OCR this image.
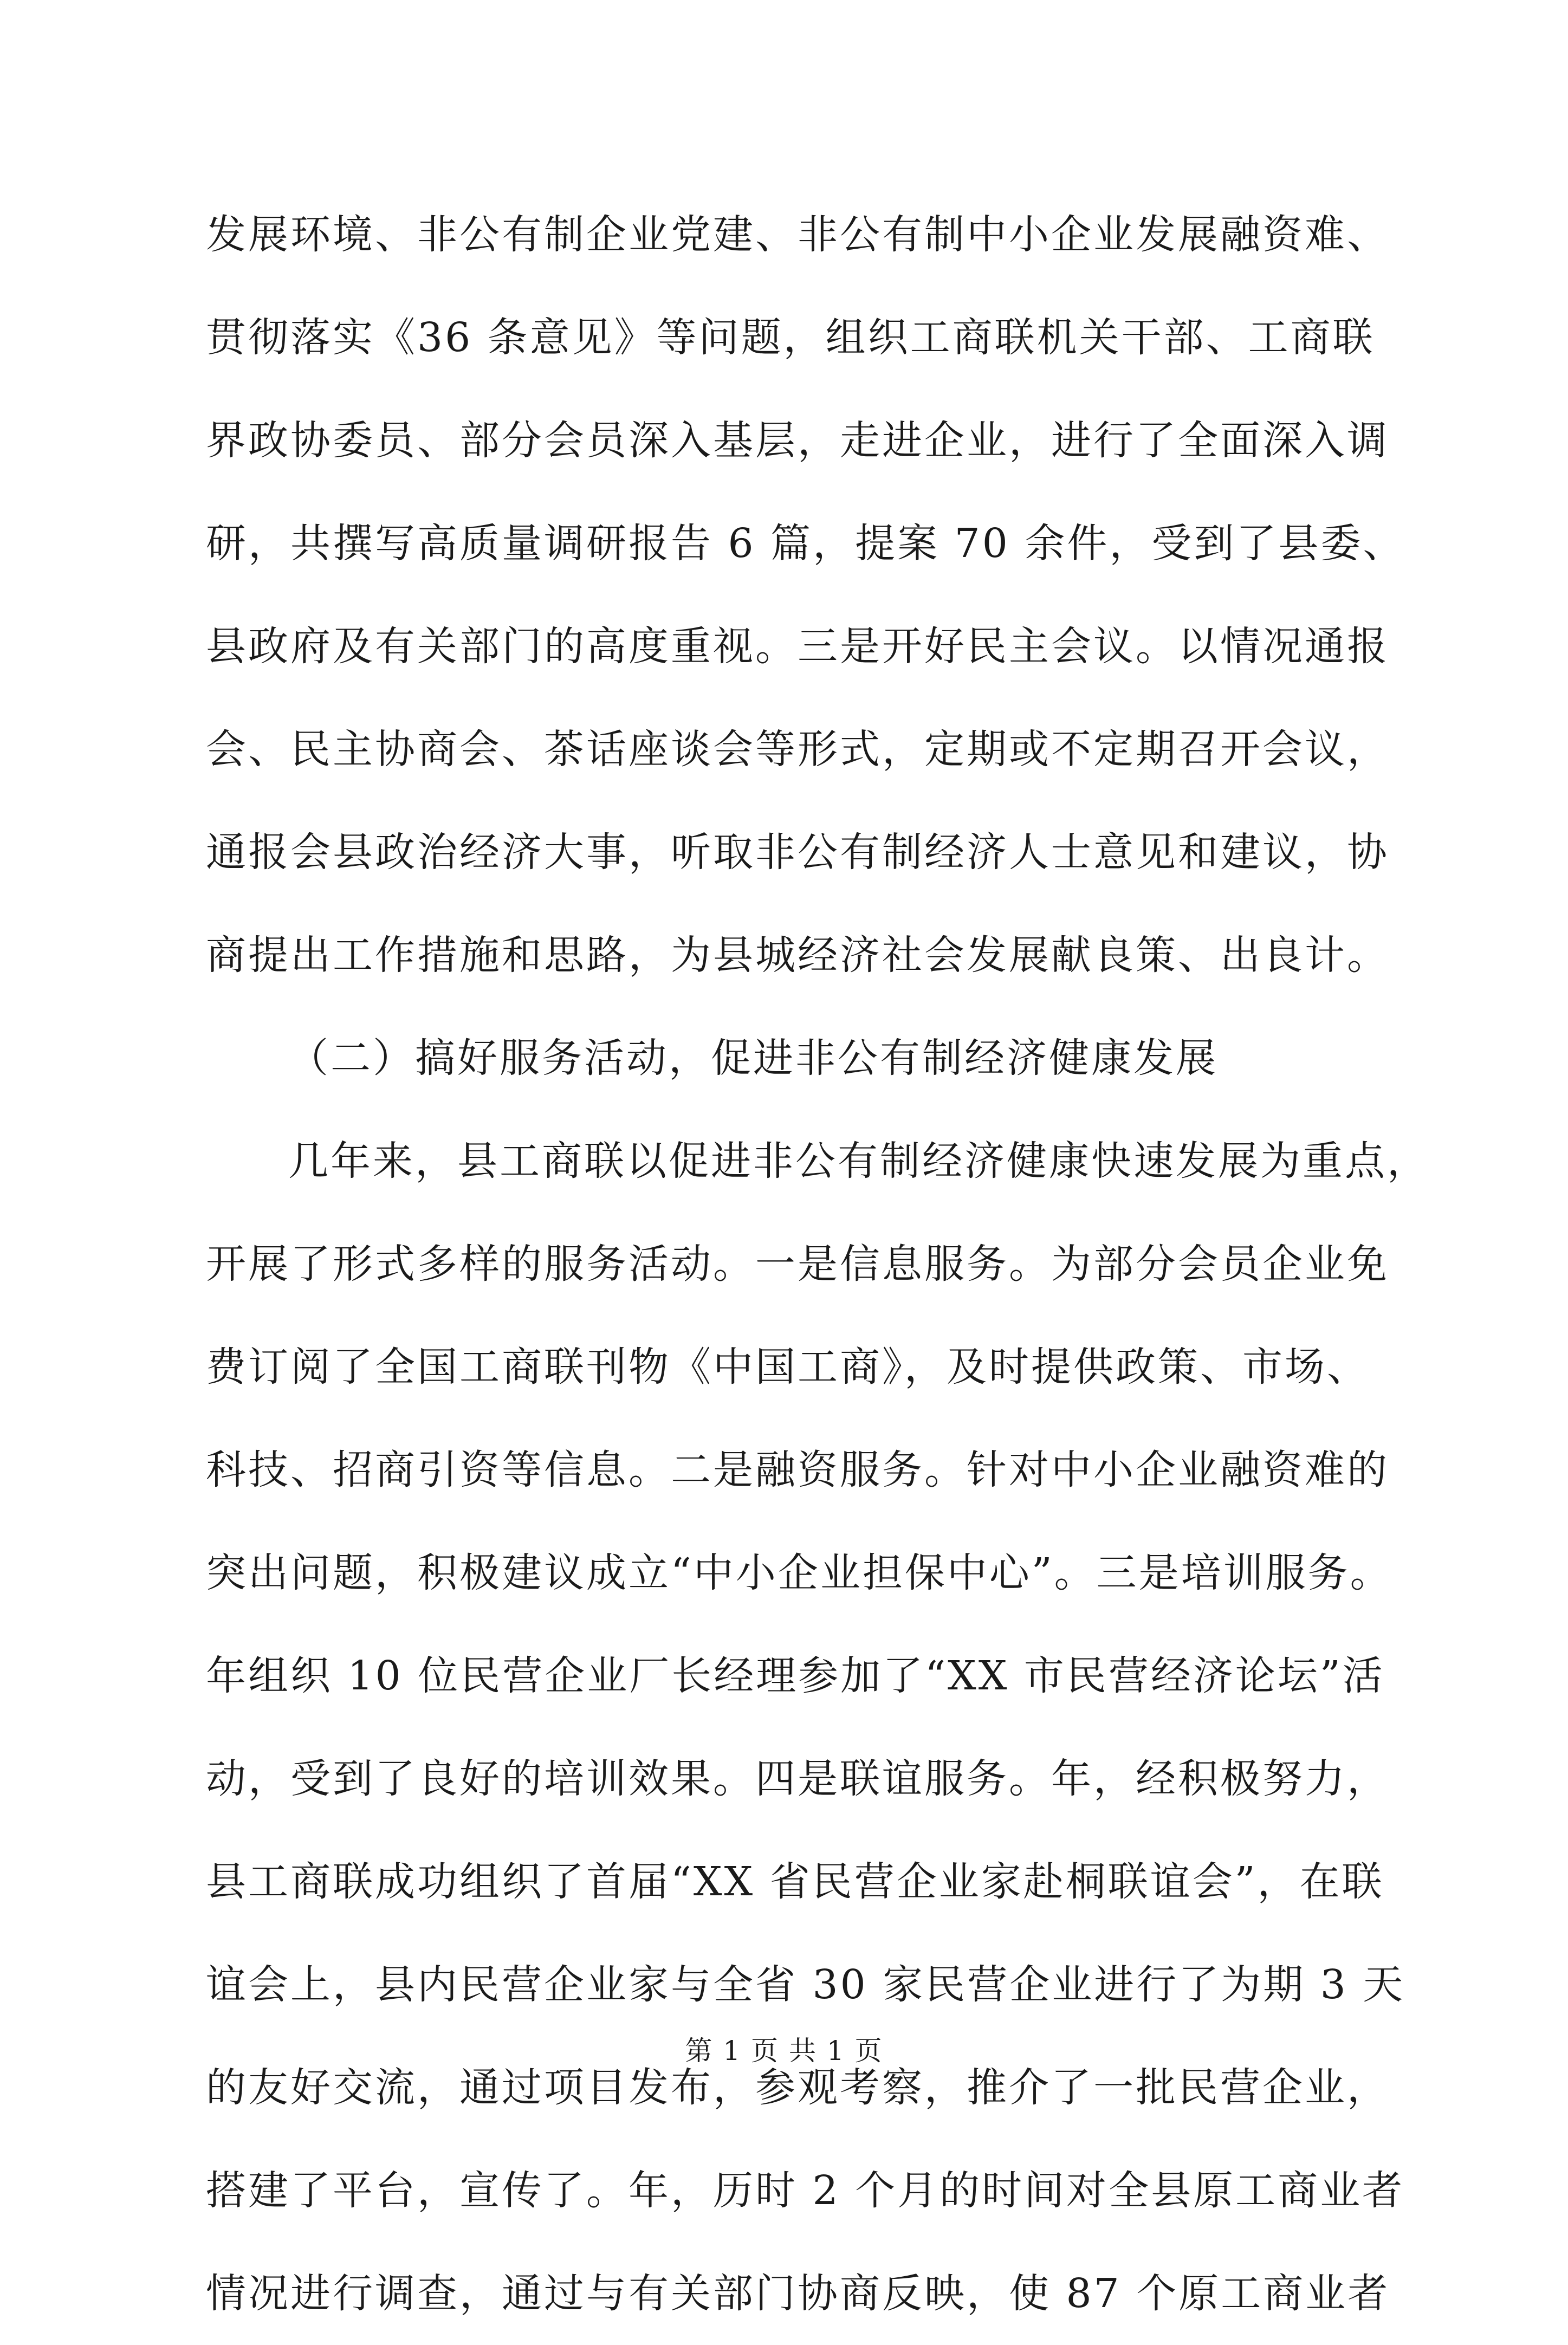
发展环境、非公有制企业党建、非公有制中小企业发展融资难、
贯彻落实《36 条意见》等问题，组织工商联机关干部、工商联
界政协委员、部分会员深入基层，走进企业，进行了全面深入调
研，共撰写高质量调研报告 6 篇，提案 70 余件，受到了县委、
县政府及有关部门的高度重视。三是开好民主会议。以情况通报
会、民主协商会、茶话座谈会等形式，定期或不定期召开会议，
通报会县政治经济大事，听取非公有制经济人士意见和建议，协
商提出工作措施和思路，为县城经济社会发展献良策、出良计。
（二）搞好服务活动，促进非公有制经济健康发展
几年来，县工商联以促进非公有制经济健康快速发展为重点，
开展了形式多样的服务活动。一是信息服务。为部分会员企业免
费订阅了全国工商联刊物《中国工商》，及时提供政策、市场、
科技、招商引资等信息。二是融资服务。针对中小企业融资难的
突出问题，积极建议成立“中小企业担保中心”。三是培训服务。
年组织 10 位民营企业厂长经理参加了“XX 市民营经济论坛”活
动，受到了良好的培训效果。四是联谊服务。年，经积极努力，
县工商联成功组织了首届“XX 省民营企业家赴桐联谊会”，在联
谊会上，县内民营企业家与全省 30 家民营企业进行了为期 3 天
的友好交流，通过项目发布，参观考察，推介了一批民营企业，
搭建了平台，宣传了。年，历时 2 个月的时间对全县原工商业者
情况进行调查，通过与有关部门协商反映，使 87 个原工商业者
第 1 页 共 1 页
